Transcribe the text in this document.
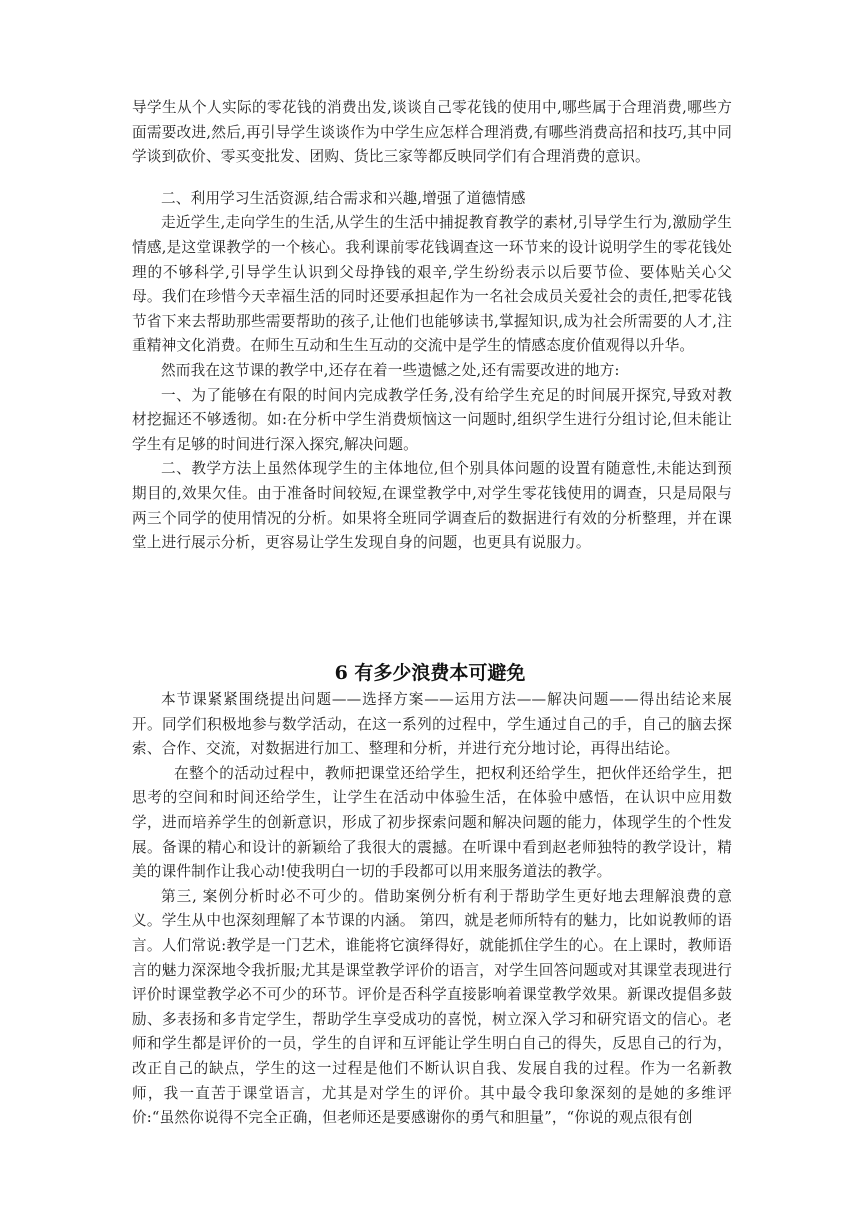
导学生从个人实际的零花钱的消费出发,谈谈自己零花钱的使用中,哪些属于合理消费,哪些方面需要改进,然后,再引导学生谈谈作为中学生应怎样合理消费,有哪些消费高招和技巧,其中同学谈到砍价、零买变批发、团购、货比三家等都反映同学们有合理消费的意识。

二、利用学习生活资源,结合需求和兴趣,增强了道德情感

走近学生,走向学生的生活,从学生的生活中捕捉教育教学的素材,引导学生行为,激励学生情感,是这堂课教学的一个核心。我利课前零花钱调查这一环节来的设计说明学生的零花钱处理的不够科学,引导学生认识到父母挣钱的艰辛,学生纷纷表示以后要节俭、要体贴关心父母。我们在珍惜今天幸福生活的同时还要承担起作为一名社会成员关爱社会的责任,把零花钱节省下来去帮助那些需要帮助的孩子,让他们也能够读书,掌握知识,成为社会所需要的人才,注重精神文化消费。在师生互动和生生互动的交流中是学生的情感态度价值观得以升华。

然而我在这节课的教学中,还存在着一些遗憾之处,还有需要改进的地方:

一、为了能够在有限的时间内完成教学任务,没有给学生充足的时间展开探究,导致对教材挖掘还不够透彻。如:在分析中学生消费烦恼这一问题时,组织学生进行分组讨论,但未能让学生有足够的时间进行深入探究,解决问题。

二、教学方法上虽然体现学生的主体地位,但个别具体问题的设置有随意性,未能达到预期目的,效果欠佳。由于准备时间较短,在课堂教学中,对学生零花钱使用的调查，只是局限与两三个同学的使用情况的分析。如果将全班同学调查后的数据进行有效的分析整理，并在课堂上进行展示分析，更容易让学生发现自身的问题，也更具有说服力。

6 有多少浪费本可避免

本节课紧紧围绕提出问题——选择方案——运用方法——解决问题——得出结论来展开。同学们积极地参与数学活动，在这一系列的过程中，学生通过自己的手，自己的脑去探索、合作、交流，对数据进行加工、整理和分析，并进行充分地讨论，再得出结论。

在整个的活动过程中，教师把课堂还给学生，把权利还给学生，把伙伴还给学生，把思考的空间和时间还给学生，让学生在活动中体验生活，在体验中感悟，在认识中应用数学，进而培养学生的创新意识，形成了初步探索问题和解决问题的能力，体现学生的个性发展。备课的精心和设计的新颖给了我很大的震撼。在听课中看到赵老师独特的教学设计，精美的课件制作让我心动!使我明白一切的手段都可以用来服务道法的教学。

第三, 案例分析时必不可少的。借助案例分析有利于帮助学生更好地去理解浪费的意义。学生从中也深刻理解了本节课的内涵。 第四，就是老师所特有的魅力，比如说教师的语言。人们常说:教学是一门艺术，谁能将它演绎得好，就能抓住学生的心。在上课时，教师语言的魅力深深地令我折服;尤其是课堂教学评价的语言，对学生回答问题或对其课堂表现进行评价时课堂教学必不可少的环节。评价是否科学直接影响着课堂教学效果。新课改提倡多鼓励、多表扬和多肯定学生，帮助学生享受成功的喜悦，树立深入学习和研究语文的信心。老师和学生都是评价的一员，学生的自评和互评能让学生明白自己的得失，反思自己的行为，改正自己的缺点，学生的这一过程是他们不断认识自我、发展自我的过程。作为一名新教师，我一直苦于课堂语言，尤其是对学生的评价。其中最令我印象深刻的是她的多维评价:“虽然你说得不完全正确，但老师还是要感谢你的勇气和胆量”，“你说的观点很有创
